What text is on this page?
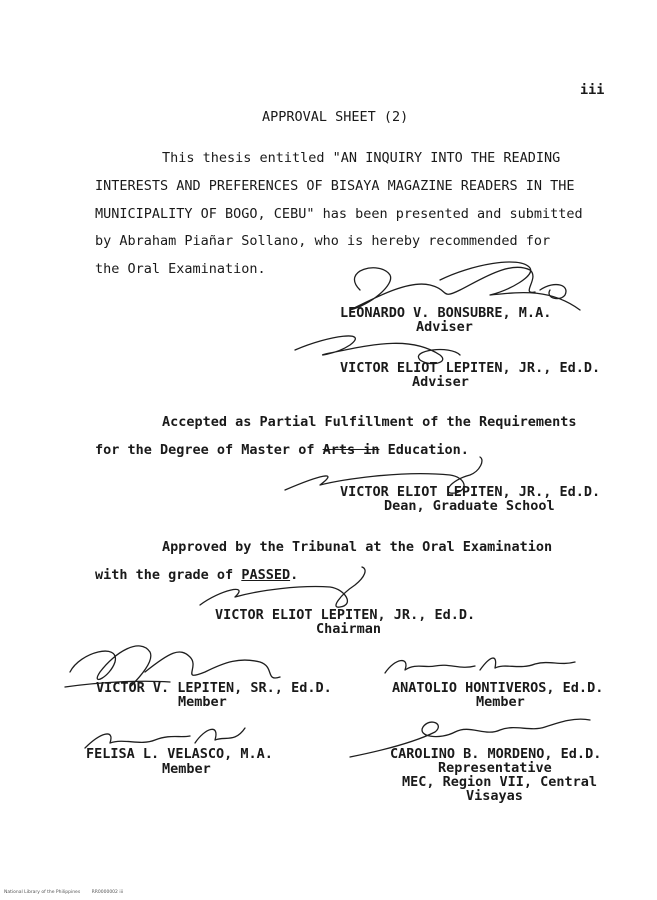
iii
APPROVAL SHEET (2)
This thesis entitled "AN INQUIRY INTO THE READING
INTERESTS AND PREFERENCES OF BISAYA MAGAZINE READERS IN THE
MUNICIPALITY OF BOGO, CEBU" has been presented and submitted
by Abraham Piañar Sollano, who is hereby recommended for
the Oral Examination.
LEONARDO V. BONSUBRE, M.A.
Adviser
VICTOR ELIOT LEPITEN, JR., Ed.D.
Adviser
Accepted as Partial Fulfillment of the Requirements
for the Degree of Master of Arts in Education.
VICTOR ELIOT LEPITEN, JR., Ed.D.
Dean, Graduate School
Approved by the Tribunal at the Oral Examination
with the grade of PASSED.
VICTOR ELIOT LEPITEN, JR., Ed.D.
Chairman
VICTOR V. LEPITEN, SR., Ed.D.
Member
ANATOLIO HONTIVEROS, Ed.D.
Member
FELISA L. VELASCO, M.A.
Member
CAROLINO B. MORDENO, Ed.D.
Representative
MEC, Region VII, Central
Visayas
National Library of the Philippines        RR0000002 iii
